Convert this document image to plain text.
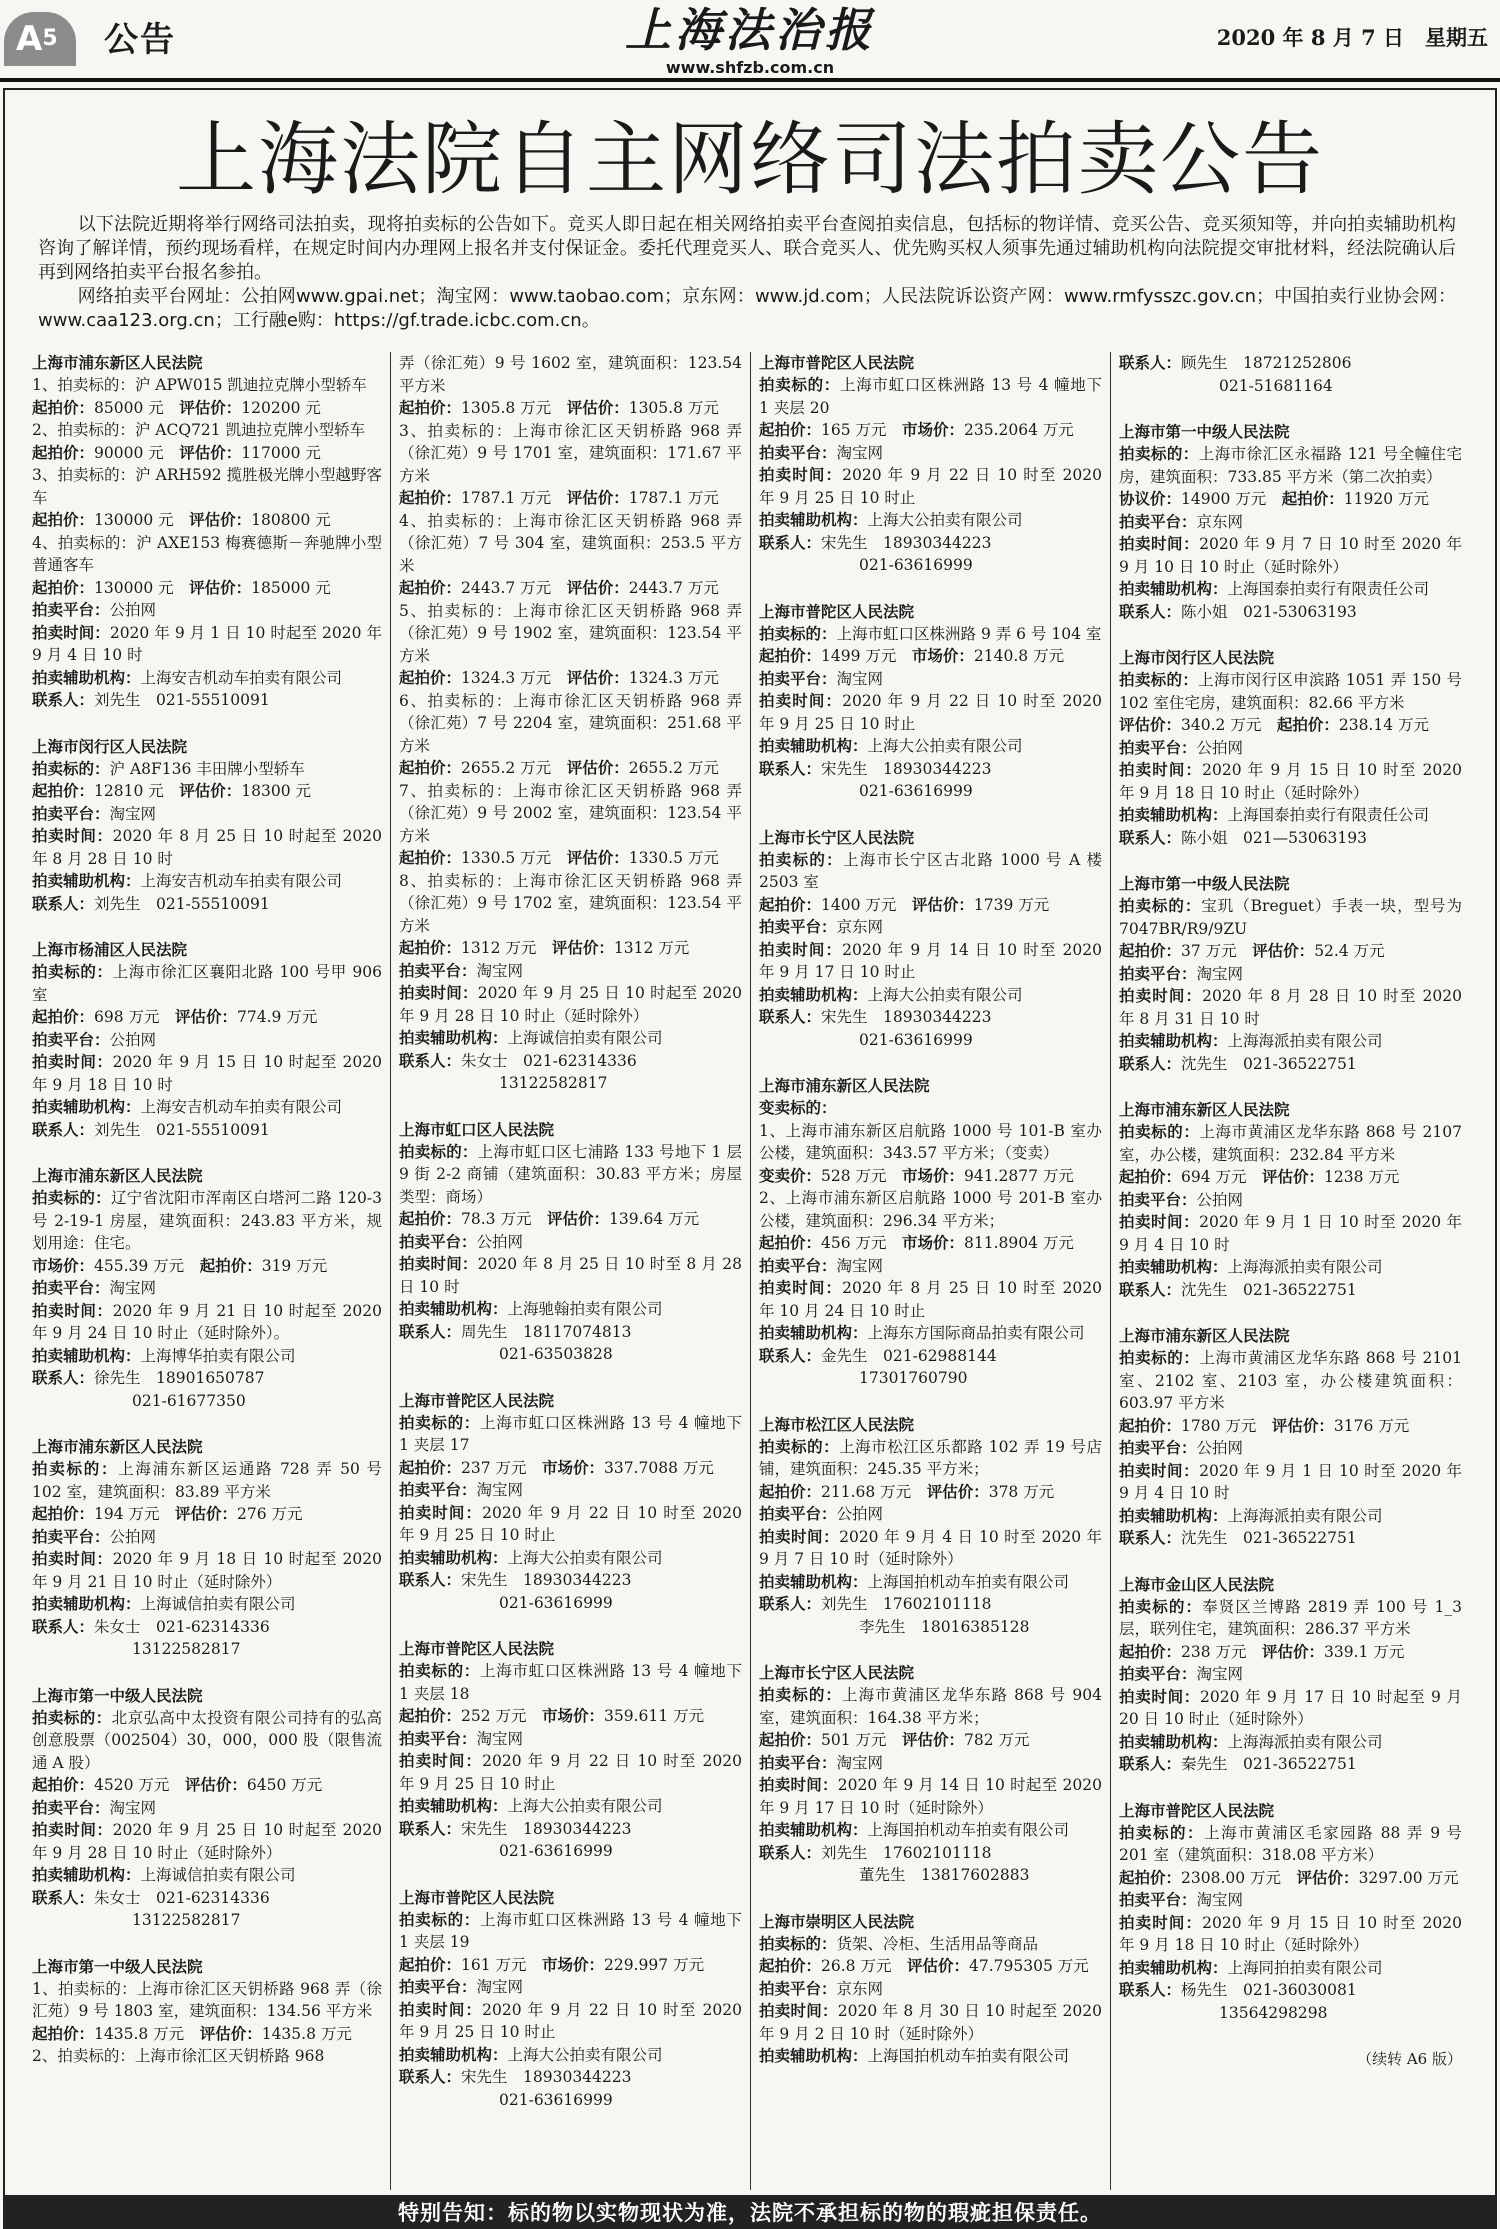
$A^5$	公告	上海法治报
www.shfzb.com.cn
2020 年 8 月 7 日　星期五
上海法院自主网络司法拍卖公告

以下法院近期将举行网络司法拍卖，现将拍卖标的公告如下。竞买人即日起在相关网络拍卖平台查阅拍卖信息，包括标的物详情、竞买公告、竞买须知等，并向拍卖辅助机构咨询了解详情，预约现场看样，在规定时间内办理网上报名并支付保证金。委托代理竞买人、联合竞买人、优先购买权人须事先通过辅助机构向法院提交审批材料，经法院确认后再到网络拍卖平台报名参拍。

网络拍卖平台网址：公拍网www.gpai.net；淘宝网：www.taobao.com；京东网：www.jd.com；人民法院诉讼资产网：www.rmfysszc.gov.cn；中国拍卖行业协会网：www.caa123.org.cn；工行融e购：https://gf.trade.icbc.com.cn。

上海市浦东新区人民法院
1、拍卖标的：沪 APW015 凯迪拉克牌小型轿车
起拍价：85000 元　评估价：120200 元
2、拍卖标的：沪 ACQ721 凯迪拉克牌小型轿车
起拍价：90000 元　评估价：117000 元
3、拍卖标的：沪 ARH592 揽胜极光牌小型越野客车
起拍价：130000 元　评估价：180800 元
4、拍卖标的：沪 AXE153 梅赛德斯－奔驰牌小型普通客车
起拍价：130000 元　评估价：185000 元
拍卖平台：公拍网
拍卖时间：2020 年 9 月 1 日 10 时起至 2020 年 9 月 4 日 10 时
拍卖辅助机构：上海安吉机动车拍卖有限公司
联系人：刘先生　021-55510091
上海市闵行区人民法院
拍卖标的：沪 A8F136 丰田牌小型轿车
起拍价：12810 元　评估价：18300 元
拍卖平台：淘宝网
拍卖时间：2020 年 8 月 25 日 10 时起至 2020 年 8 月 28 日 10 时
拍卖辅助机构：上海安吉机动车拍卖有限公司
联系人：刘先生　021-55510091
上海市杨浦区人民法院
拍卖标的：上海市徐汇区襄阳北路 100 号甲 906 室
起拍价：698 万元　评估价：774.9 万元
拍卖平台：公拍网
拍卖时间：2020 年 9 月 15 日 10 时起至 2020 年 9 月 18 日 10 时
拍卖辅助机构：上海安吉机动车拍卖有限公司
联系人：刘先生　021-55510091
上海市浦东新区人民法院
拍卖标的：辽宁省沈阳市浑南区白塔河二路 120-3 号 2-19-1 房屋，建筑面积：243.83 平方米，规划用途：住宅。
市场价：455.39 万元　起拍价：319 万元
拍卖平台：淘宝网
拍卖时间：2020 年 9 月 21 日 10 时起至 2020 年 9 月 24 日 10 时止（延时除外）。
拍卖辅助机构：上海博华拍卖有限公司
联系人：徐先生　18901650787
021-61677350
上海市浦东新区人民法院
拍卖标的：上海浦东新区运通路 728 弄 50 号 102 室，建筑面积：83.89 平方米
起拍价：194 万元　评估价：276 万元
拍卖平台：公拍网
拍卖时间：2020 年 9 月 18 日 10 时起至 2020 年 9 月 21 日 10 时止（延时除外）
拍卖辅助机构：上海诚信拍卖有限公司
联系人：朱女士　021-62314336
13122582817
上海市第一中级人民法院
拍卖标的：北京弘高中太投资有限公司持有的弘高创意股票（002504）30，000，000 股（限售流通 A 股）
起拍价：4520 万元　评估价：6450 万元
拍卖平台：淘宝网
拍卖时间：2020 年 9 月 25 日 10 时起至 2020 年 9 月 28 日 10 时止（延时除外）
拍卖辅助机构：上海诚信拍卖有限公司
联系人：朱女士　021-62314336
13122582817
上海市第一中级人民法院
1、拍卖标的：上海市徐汇区天钥桥路 968 弄（徐汇苑）9 号 1803 室，建筑面积：134.56 平方米
起拍价：1435.8 万元　评估价：1435.8 万元
2、拍卖标的：上海市徐汇区天钥桥路 968
弄（徐汇苑）9 号 1602 室，建筑面积：123.54 平方米
起拍价：1305.8 万元　评估价：1305.8 万元
3、拍卖标的：上海市徐汇区天钥桥路 968 弄（徐汇苑）9 号 1701 室，建筑面积：171.67 平方米
起拍价：1787.1 万元　评估价：1787.1 万元
4、拍卖标的：上海市徐汇区天钥桥路 968 弄（徐汇苑）7 号 304 室，建筑面积：253.5 平方米
起拍价：2443.7 万元　评估价：2443.7 万元
5、拍卖标的：上海市徐汇区天钥桥路 968 弄（徐汇苑）9 号 1902 室，建筑面积：123.54 平方米
起拍价：1324.3 万元　评估价：1324.3 万元
6、拍卖标的：上海市徐汇区天钥桥路 968 弄（徐汇苑）7 号 2204 室，建筑面积：251.68 平方米
起拍价：2655.2 万元　评估价：2655.2 万元
7、拍卖标的：上海市徐汇区天钥桥路 968 弄（徐汇苑）9 号 2002 室，建筑面积：123.54 平方米
起拍价：1330.5 万元　评估价：1330.5 万元
8、拍卖标的：上海市徐汇区天钥桥路 968 弄（徐汇苑）9 号 1702 室，建筑面积：123.54 平方米
起拍价：1312 万元　评估价：1312 万元
拍卖平台：淘宝网
拍卖时间：2020 年 9 月 25 日 10 时起至 2020 年 9 月 28 日 10 时止（延时除外）
拍卖辅助机构：上海诚信拍卖有限公司
联系人：朱女士　021-62314336
13122582817
上海市虹口区人民法院
拍卖标的：上海市虹口区七浦路 133 号地下 1 层 9 街 2-2 商铺（建筑面积：30.83 平方米；房屋类型：商场）
起拍价：78.3 万元　评估价：139.64 万元
拍卖平台：公拍网
拍卖时间：2020 年 8 月 25 日 10 时至 8 月 28 日 10 时
拍卖辅助机构：上海驰翰拍卖有限公司
联系人：周先生　18117074813
021-63503828
上海市普陀区人民法院
拍卖标的：上海市虹口区株洲路 13 号 4 幢地下 1 夹层 17
起拍价：237 万元　市场价：337.7088 万元
拍卖平台：淘宝网
拍卖时间：2020 年 9 月 22 日 10 时至 2020 年 9 月 25 日 10 时止
拍卖辅助机构：上海大公拍卖有限公司
联系人：宋先生　18930344223
021-63616999
上海市普陀区人民法院
拍卖标的：上海市虹口区株洲路 13 号 4 幢地下 1 夹层 18
起拍价：252 万元　市场价：359.611 万元
拍卖平台：淘宝网
拍卖时间：2020 年 9 月 22 日 10 时至 2020 年 9 月 25 日 10 时止
拍卖辅助机构：上海大公拍卖有限公司
联系人：宋先生　18930344223
021-63616999
上海市普陀区人民法院
拍卖标的：上海市虹口区株洲路 13 号 4 幢地下 1 夹层 19
起拍价：161 万元　市场价：229.997 万元
拍卖平台：淘宝网
拍卖时间：2020 年 9 月 22 日 10 时至 2020 年 9 月 25 日 10 时止
拍卖辅助机构：上海大公拍卖有限公司
联系人：宋先生　18930344223
021-63616999
上海市普陀区人民法院
拍卖标的：上海市虹口区株洲路 13 号 4 幢地下 1 夹层 20
起拍价：165 万元　市场价：235.2064 万元
拍卖平台：淘宝网
拍卖时间：2020 年 9 月 22 日 10 时至 2020 年 9 月 25 日 10 时止
拍卖辅助机构：上海大公拍卖有限公司
联系人：宋先生　18930344223
021-63616999
上海市普陀区人民法院
拍卖标的：上海市虹口区株洲路 9 弄 6 号 104 室
起拍价：1499 万元　市场价：2140.8 万元
拍卖平台：淘宝网
拍卖时间：2020 年 9 月 22 日 10 时至 2020 年 9 月 25 日 10 时止
拍卖辅助机构：上海大公拍卖有限公司
联系人：宋先生　18930344223
021-63616999
上海市长宁区人民法院
拍卖标的：上海市长宁区古北路 1000 号 A 楼 2503 室
起拍价：1400 万元　评估价：1739 万元
拍卖平台：京东网
拍卖时间：2020 年 9 月 14 日 10 时至 2020 年 9 月 17 日 10 时止
拍卖辅助机构：上海大公拍卖有限公司
联系人：宋先生　18930344223
021-63616999
上海市浦东新区人民法院
变卖标的：
1、上海市浦东新区启航路 1000 号 101-B 室办公楼，建筑面积：343.57 平方米；（变卖）
变卖价：528 万元　市场价：941.2877 万元
2、上海市浦东新区启航路 1000 号 201-B 室办公楼，建筑面积：296.34 平方米；
起拍价：456 万元　市场价：811.8904 万元
拍卖平台：淘宝网
拍卖时间：2020 年 8 月 25 日 10 时至 2020 年 10 月 24 日 10 时止
拍卖辅助机构：上海东方国际商品拍卖有限公司
联系人：金先生　021-62988144
17301760790
上海市松江区人民法院
拍卖标的：上海市松江区乐都路 102 弄 19 号店铺，建筑面积：245.35 平方米；
起拍价：211.68 万元　评估价：378 万元
拍卖平台：公拍网
拍卖时间：2020 年 9 月 4 日 10 时至 2020 年 9 月 7 日 10 时（延时除外）
拍卖辅助机构：上海国拍机动车拍卖有限公司
联系人：刘先生　17602101118
李先生　18016385128
上海市长宁区人民法院
拍卖标的：上海市黄浦区龙华东路 868 号 904 室，建筑面积：164.38 平方米；
起拍价：501 万元　评估价：782 万元
拍卖平台：淘宝网
拍卖时间：2020 年 9 月 14 日 10 时起至 2020 年 9 月 17 日 10 时（延时除外）
拍卖辅助机构：上海国拍机动车拍卖有限公司
联系人：刘先生　17602101118
董先生　13817602883
上海市崇明区人民法院
拍卖标的：货架、冷柜、生活用品等商品
起拍价：26.8 万元　评估价：47.795305 万元
拍卖平台：京东网
拍卖时间：2020 年 8 月 30 日 10 时起至 2020 年 9 月 2 日 10 时（延时除外）
拍卖辅助机构：上海国拍机动车拍卖有限公司
联系人：顾先生　18721252806
021-51681164
上海市第一中级人民法院
拍卖标的：上海市徐汇区永福路 121 号全幢住宅房，建筑面积：733.85 平方米（第二次拍卖）
协议价：14900 万元　起拍价：11920 万元
拍卖平台：京东网
拍卖时间：2020 年 9 月 7 日 10 时至 2020 年 9 月 10 日 10 时止（延时除外）
拍卖辅助机构：上海国泰拍卖行有限责任公司
联系人：陈小姐　021-53063193
上海市闵行区人民法院
拍卖标的：上海市闵行区申滨路 1051 弄 150 号 102 室住宅房，建筑面积：82.66 平方米
评估价：340.2 万元　起拍价：238.14 万元
拍卖平台：公拍网
拍卖时间：2020 年 9 月 15 日 10 时至 2020 年 9 月 18 日 10 时止（延时除外）
拍卖辅助机构：上海国泰拍卖行有限责任公司
联系人：陈小姐　021—53063193
上海市第一中级人民法院
拍卖标的：宝玑（Breguet）手表一块，型号为 7047BR/R9/9ZU
起拍价：37 万元　评估价：52.4 万元
拍卖平台：淘宝网
拍卖时间：2020 年 8 月 28 日 10 时至 2020 年 8 月 31 日 10 时
拍卖辅助机构：上海海派拍卖有限公司
联系人：沈先生　021-36522751
上海市浦东新区人民法院
拍卖标的：上海市黄浦区龙华东路 868 号 2107 室，办公楼，建筑面积：232.84 平方米
起拍价：694 万元　评估价：1238 万元
拍卖平台：公拍网
拍卖时间：2020 年 9 月 1 日 10 时至 2020 年 9 月 4 日 10 时
拍卖辅助机构：上海海派拍卖有限公司
联系人：沈先生　021-36522751
上海市浦东新区人民法院
拍卖标的：上海市黄浦区龙华东路 868 号 2101 室、2102 室、2103 室，办公楼建筑面积：603.97 平方米
起拍价：1780 万元　评估价：3176 万元
拍卖平台：公拍网
拍卖时间：2020 年 9 月 1 日 10 时至 2020 年 9 月 4 日 10 时
拍卖辅助机构：上海海派拍卖有限公司
联系人：沈先生　021-36522751
上海市金山区人民法院
拍卖标的：奉贤区兰博路 2819 弄 100 号 1_3 层，联列住宅，建筑面积：286.37 平方米
起拍价：238 万元　评估价：339.1 万元
拍卖平台：淘宝网
拍卖时间：2020 年 9 月 17 日 10 时起至 9 月 20 日 10 时止（延时除外）
拍卖辅助机构：上海海派拍卖有限公司
联系人：秦先生　021-36522751
上海市普陀区人民法院
拍卖标的：上海市黄浦区毛家园路 88 弄 9 号 201 室（建筑面积：318.08 平方米）
起拍价：2308.00 万元　评估价：3297.00 万元
拍卖平台：淘宝网
拍卖时间：2020 年 9 月 15 日 10 时至 2020 年 9 月 18 日 10 时止（延时除外）
拍卖辅助机构：上海同拍拍卖有限公司
联系人：杨先生　021-36030081
13564298298
（续转 A6 版）
特别告知：标的物以实物现状为准，法院不承担标的物的瑕疵担保责任。
